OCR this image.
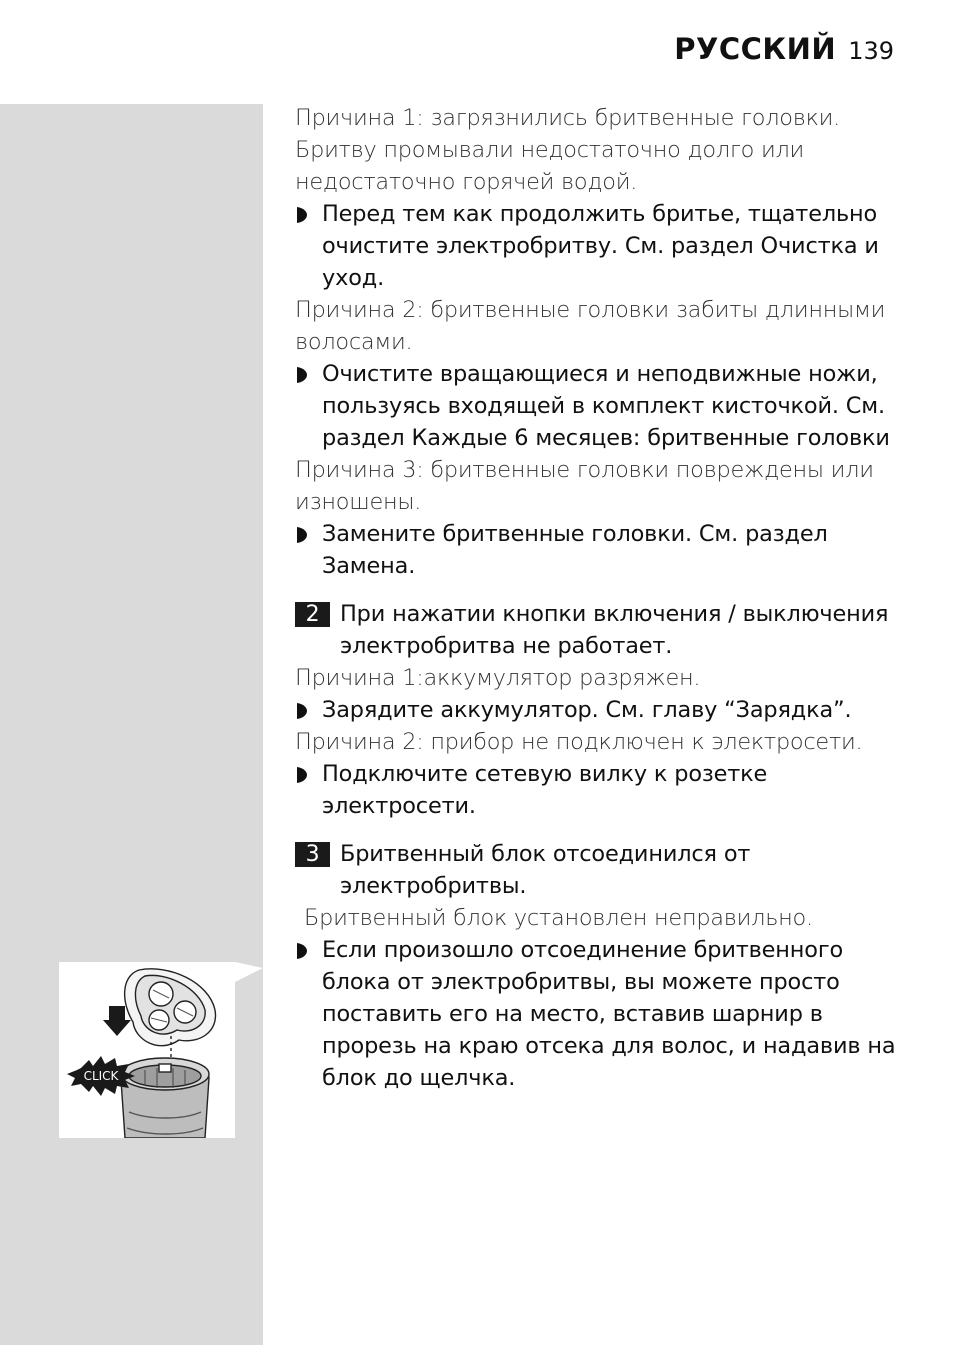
РУССКИЙ 139

Причина 1: загрязнились бритвенные головки. Бритву промывали недостаточно долго или недостаточно горячей водой.

Перед тем как продолжить бритье, тщательно очистите электробритву. См. раздел Очистка и уход.

Причина 2: бритвенные головки забиты длинными волосами.

Очистите вращающиеся и неподвижные ножи, пользуясь входящей в комплект кисточкой. См. раздел Каждые 6 месяцев: бритвенные головки

Причина 3: бритвенные головки повреждены или изношены.

Замените бритвенные головки. См. раздел Замена.
2 При нажатии кнопки включения / выключения электробритва не работает.

Причина 1:аккумулятор разряжен.

Зарядите аккумулятор. См. главу “Зарядка”.

Причина 2: прибор не подключен к электросети.

Подключите сетевую вилку к розетке электросети.
3 Бритвенный блок отсоединился от электробритвы.

Бритвенный блок установлен неправильно.

Если произошло отсоединение бритвенного блока от электробритвы, вы можете просто поставить его на место, вставив шарнир в прорезь на краю отсека для волос, и надавив на блок до щелчка.
CLICK
